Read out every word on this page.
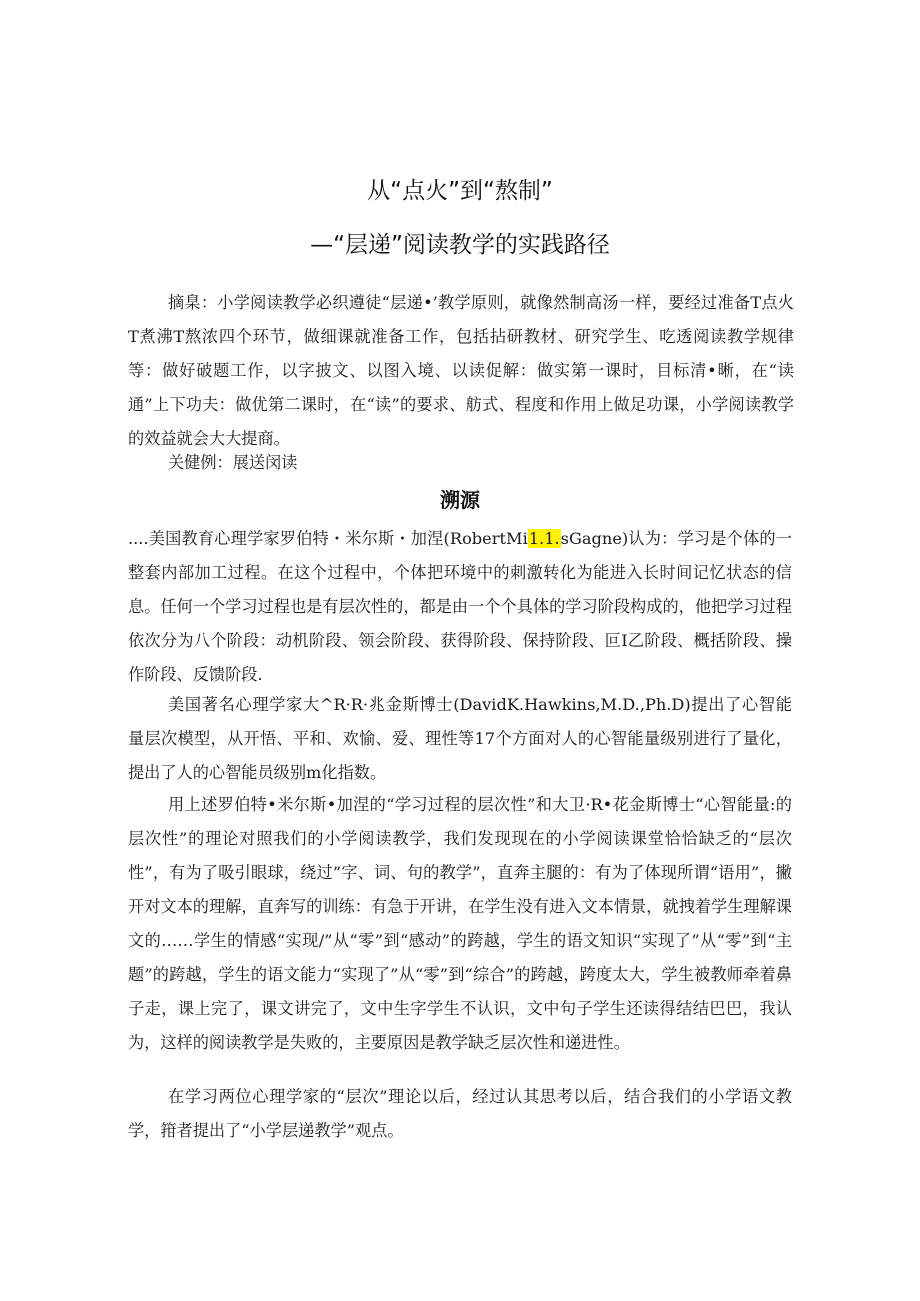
从“点火”到“熬制”
—“层递”阅读教学的实践路径
摘臬：小学阅读教学必织遵徒“层递•’教学原则，就像然制高汤一样，要经过准备T点火T煮沸T熬浓四个环节，做细课就准备工作，包括拈研教材、研究学生、吃透阅读教学规律等：做好破题工作，以字披文、以图入境、以读促解：做实第一课时，目标清•晰，在“读通”上下功夫：做优第二课时，在“读”的要求、舫式、程度和作用上做足功课，小学阅读教学的效益就会大大提商。
关健例：展送闵读
溯源
....美国教育心理学家罗伯特・米尔斯・加涅(RobertMi1.1.sGagne)认为：学习是个体的一整套内部加工过程。在这个过程中，个体把环境中的刺激转化为能进入长时间记忆状态的信息。任何一个学习过程也是有层次性的，都是由一个个具体的学习阶段构成的，他把学习过程依次分为八个阶段：动机阶段、领会阶段、获得阶段、保持阶段、叵I乙阶段、概括阶段、操作阶段、反馈阶段.
美国著名心理学家大^R·R·兆金斯博士(DavidK.Hawkins,M.D.,Ph.D)提出了心智能量层次模型，从开悟、平和、欢愉、爱、理性等17个方面对人的心智能量级别进行了量化，提出了人的心智能员级别m化指数。
用上述罗伯特•米尔斯•加涅的“学习过程的层次性”和大卫·R•花金斯博士“心智能量:的层次性”的理论对照我们的小学阅读教学，我们发现现在的小学阅读课堂恰恰缺乏的“层次性”，有为了吸引眼球，绕过”字、词、句的教学”，直奔主腿的：有为了体现所谓“语用”，撇开对文本的理解，直奔写的训练：有急于开讲，在学生没有进入文本情景，就拽着学生理解课文的……学生的情感“实现/”从“零”到“感动”的跨越，学生的语文知识“实现了”从“零”到“主题”的跨越，学生的语文能力“实现了”从“零”到“综合”的跨越，跨度太大，学生被教师牵着鼻子走，课上完了，课文讲完了，文中生字学生不认识，文中句子学生还读得结结巴巴，我认为，这样的阅读教学是失败的，主要原因是教学缺乏层次性和递进性。
在学习两位心理学家的“层次”理论以后，经过认其思考以后，结合我们的小学语文教学，箝者提出了“小学层递教学”观点。
